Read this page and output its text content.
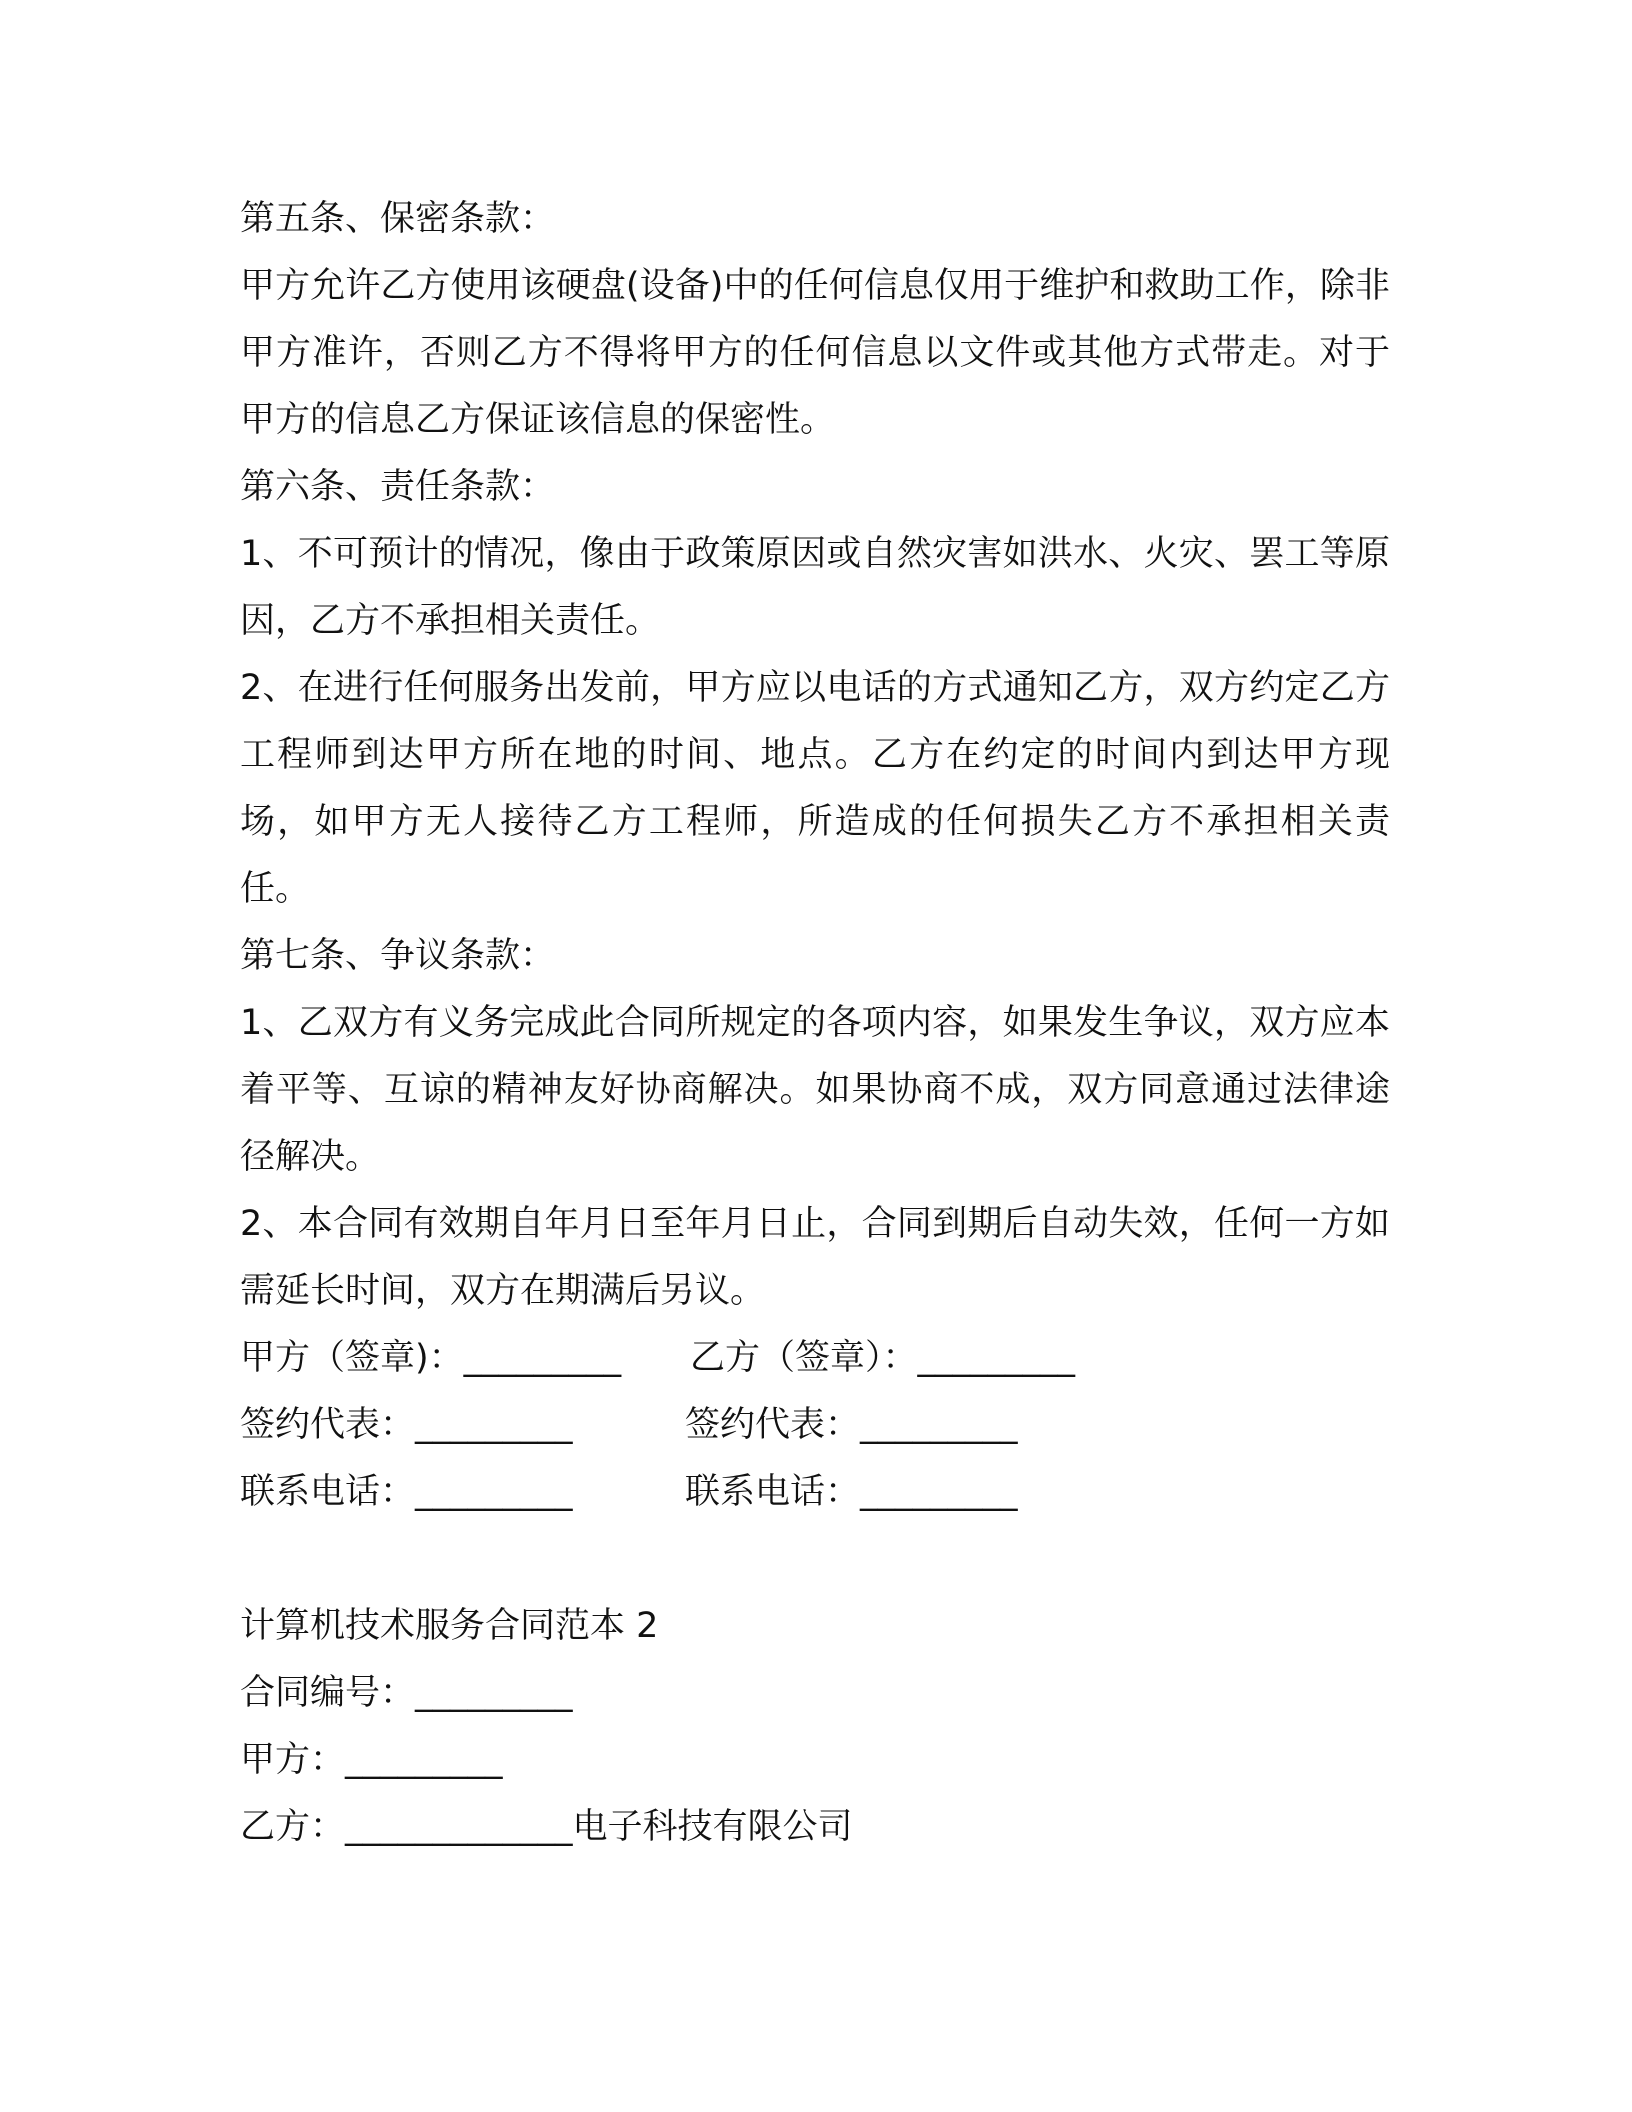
第五条、保密条款：
甲方允许乙方使用该硬盘(设备)中的任何信息仅用于维护和救助工作，除非甲方准许，否则乙方不得将甲方的任何信息以文件或其他方式带走。对于甲方的信息乙方保证该信息的保密性。
第六条、责任条款：
1、不可预计的情况，像由于政策原因或自然灾害如洪水、火灾、罢工等原因，乙方不承担相关责任。
2、在进行任何服务出发前，甲方应以电话的方式通知乙方，双方约定乙方工程师到达甲方所在地的时间、地点。乙方在约定的时间内到达甲方现场，如甲方无人接待乙方工程师，所造成的任何损失乙方不承担相关责任。
第七条、争议条款：
1、乙双方有义务完成此合同所规定的各项内容，如果发生争议，双方应本着平等、互谅的精神友好协商解决。如果协商不成，双方同意通过法律途径解决。
2、本合同有效期自年月日至年月日止，合同到期后自动失效，任何一方如需延长时间，双方在期满后另议。
甲方（签章)：_________ 乙方（签章）：_________
签约代表：_________	签约代表：_________
联系电话：_________	联系电话：_________
计算机技术服务合同范本 2
合同编号：_________
甲方：_________
乙方：_____________电子科技有限公司
